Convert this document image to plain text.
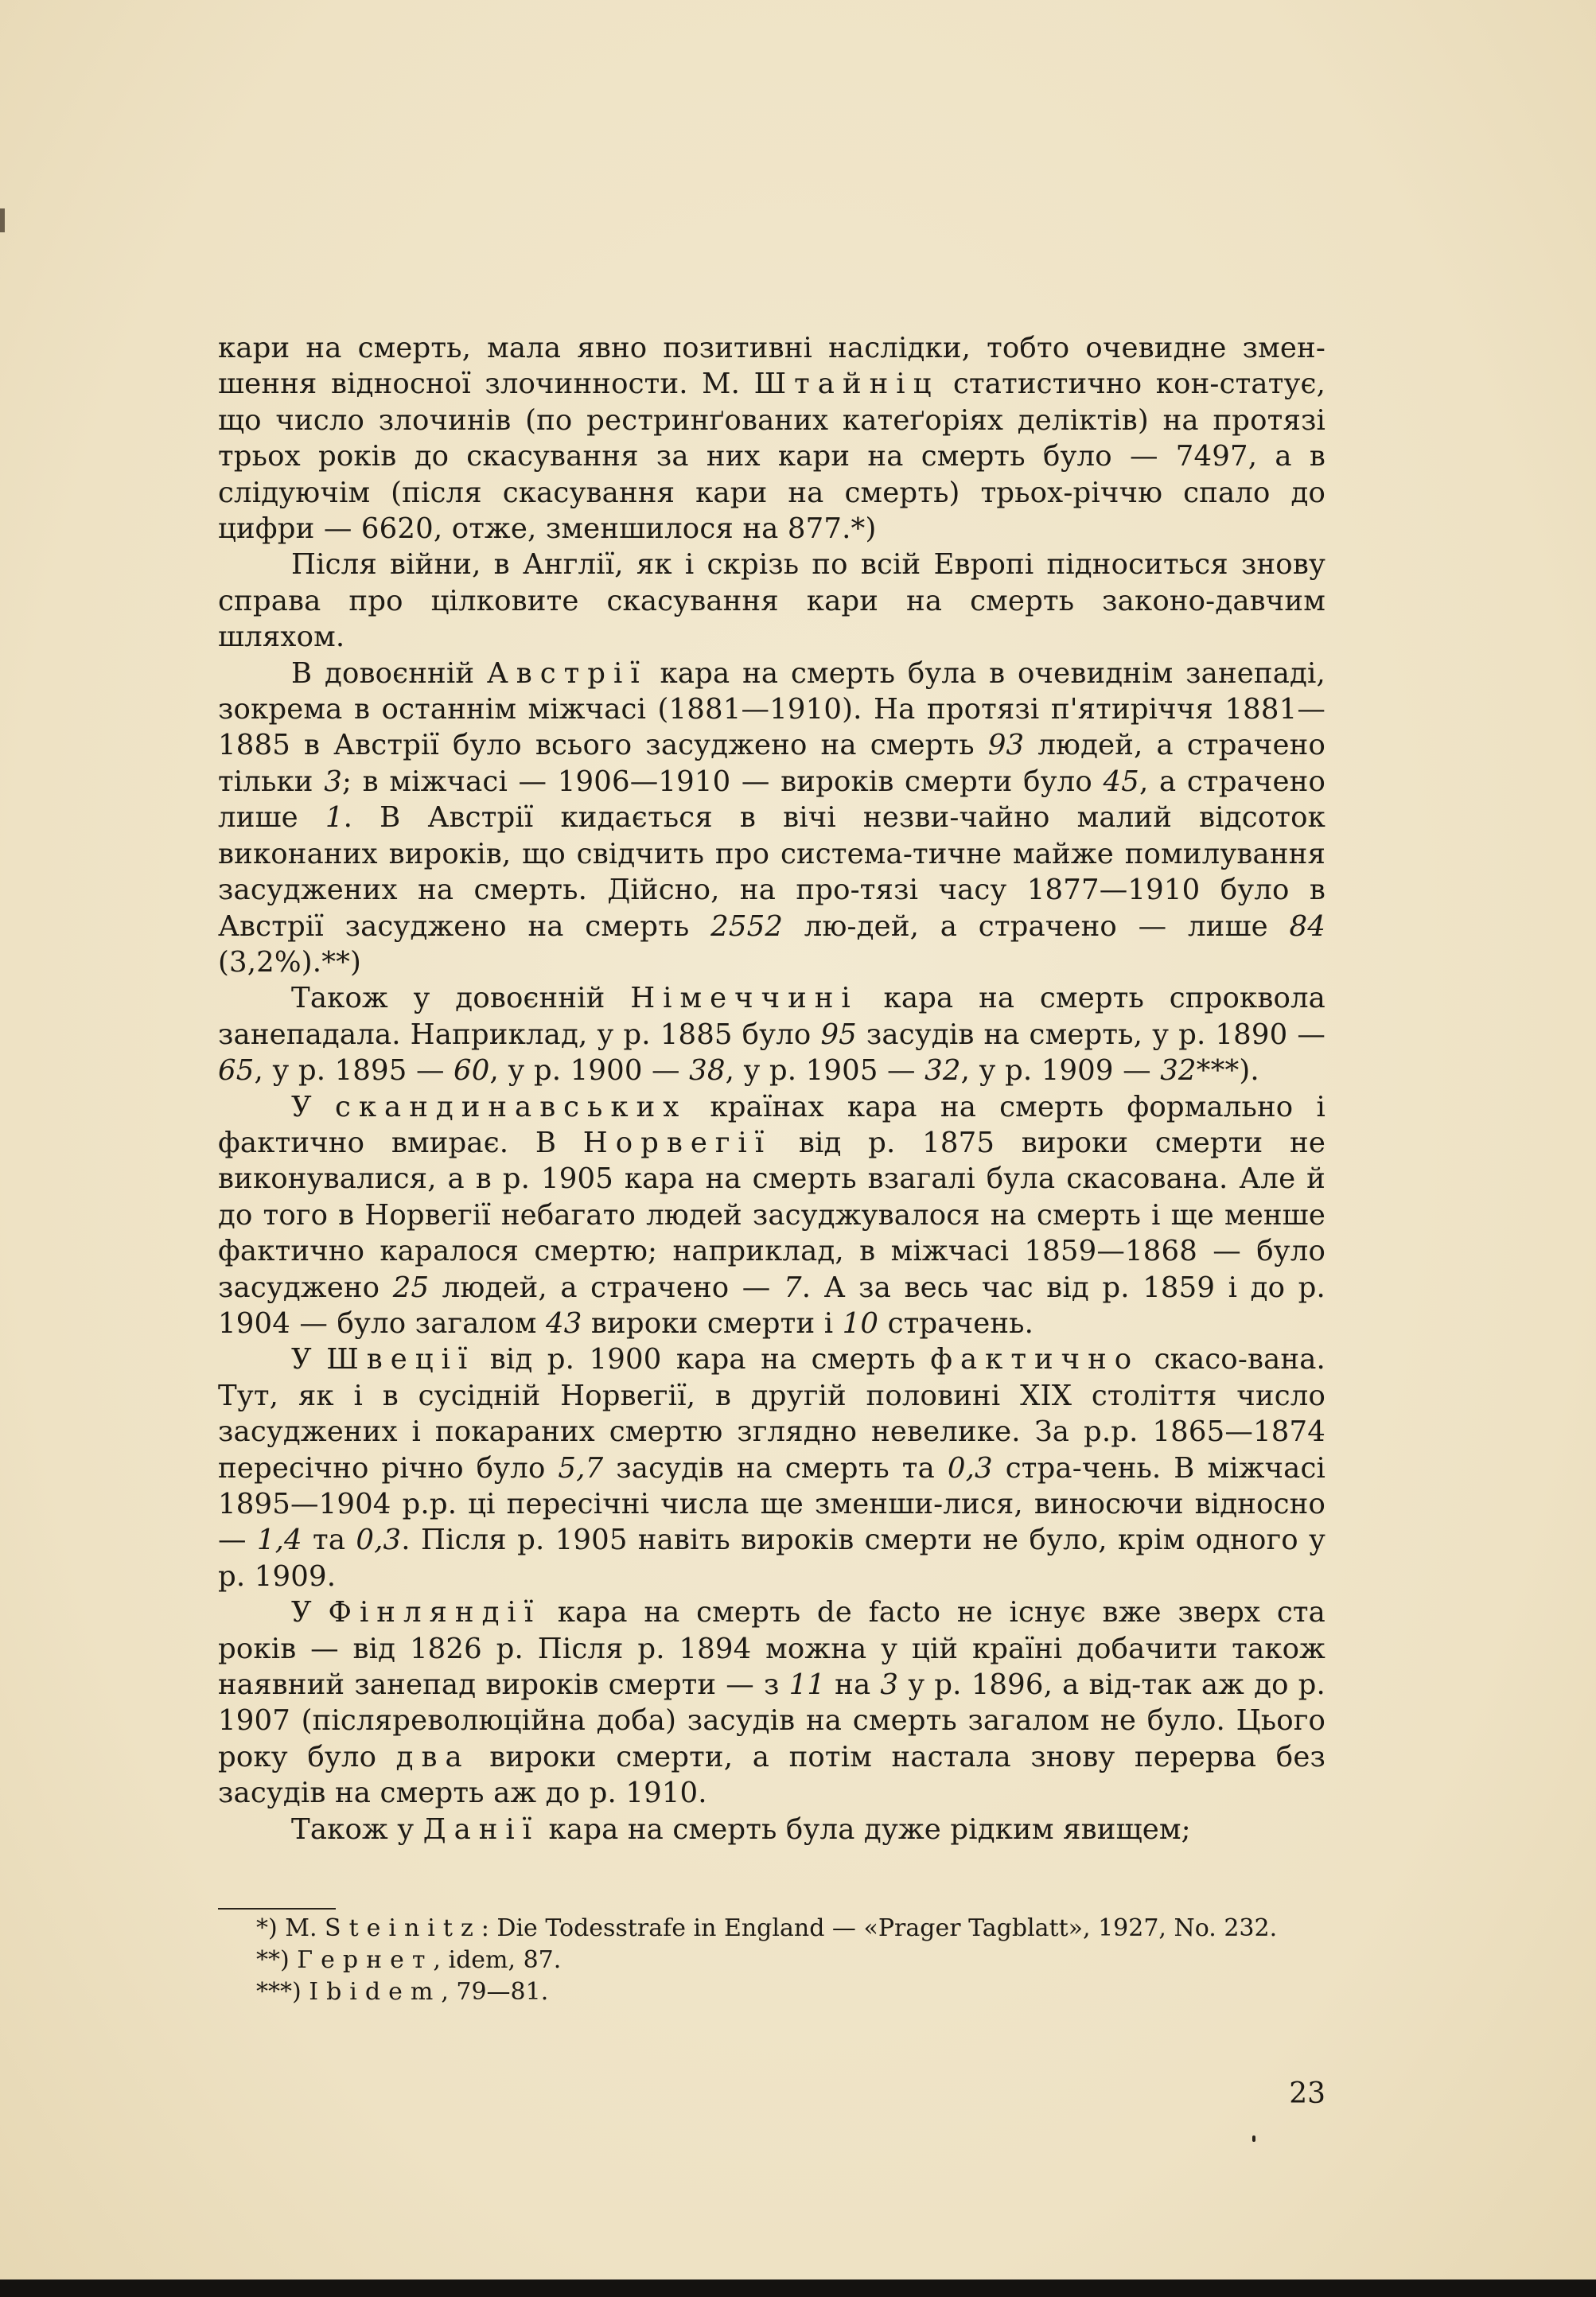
кари на смерть, мала явно позитивні наслідки, тобто очевидне змен-шення відносної злочинности. М. Штайніц статистично кон-статує, що число злочинів (по рестринґованих катеґоріях деліктів) на протязі трьох років до скасування за них кари на смерть було — 7497, а в слідуючім (після скасування кари на смерть) трьох-річчю спало до цифри — 6620, отже, зменшилося на 877.*)

Після війни, в Англії, як і скрізь по всій Европі підноситься знову справа про цілковите скасування кари на смерть законо-давчим шляхом.

В довоєнній Австрії кара на смерть була в очевиднім занепаді, зокрема в останнім міжчасі (1881—1910). На протязі п'ятиріччя 1881—1885 в Австрії було всього засуджено на смерть 93 людей, а страчено тільки 3; в міжчасі — 1906—1910 — вироків смерти було 45, а страчено лише 1. В Австрії кидається в вічі незви-чайно малий відсоток виконаних вироків, що свідчить про системa-тичне майже помилування засуджених на смерть. Дійсно, на про-тязі часу 1877—1910 було в Австрії засуджено на смерть 2552 лю-дей, а страчено — лише 84 (3,2%).**)

Також у довоєнній Німеччині кара на смерть спроквола занепадала. Наприклад, у р. 1885 було 95 засудів на смерть, у р. 1890 — 65, у р. 1895 — 60, у р. 1900 — 38, у р. 1905 — 32, у р. 1909 — 32***).

У скандинавських країнах кара на смерть формально і фактично вмирає. В Норвегії від р. 1875 вироки смерти не виконувалися, а в р. 1905 кара на смерть взагалі була скасована. Але й до того в Норвегії небагато людей засуджувалося на смерть і ще менше фактично каралося смертю; наприклад, в міжчасі 1859—1868 — було засуджено 25 людей, а страчено — 7. А за весь час від р. 1859 і до р. 1904 — було загалом 43 вироки смерти і 10 страчень.

У Швеції від р. 1900 кара на смерть фактично скасо-вана. Тут, як і в сусідній Норвегії, в другій половині XIX століття число засуджених і покараних смертю зглядно невелике. За р.р. 1865—1874 пересічно річно було 5,7 засудів на смерть та 0,3 стра-чень. В міжчасі 1895—1904 р.р. ці пересічні числа ще зменши-лися, виносючи відносно — 1,4 та 0,3. Після р. 1905 навіть вироків смерти не було, крім одного у р. 1909.

У Фінляндії кара на смерть de facto не існує вже зверх ста років — від 1826 р. Після р. 1894 можна у цій країні добачити також наявний занепад вироків смерти — з 11 на 3 у р. 1896, а від-так аж до р. 1907 (післяреволюційна доба) засудів на смерть загалом не було. Цього року було два вироки смерти, а потім настала знову перерва без засудів на смерть аж до р. 1910.

Також у Данії кара на смерть була дуже рідким явищем;

*) M. Steinitz: Die Todesstrafe in England — «Prager Tagblatt», 1927, No. 232.

**) Гернет, idem, 87.

***) Ibidem, 79—81.

23
